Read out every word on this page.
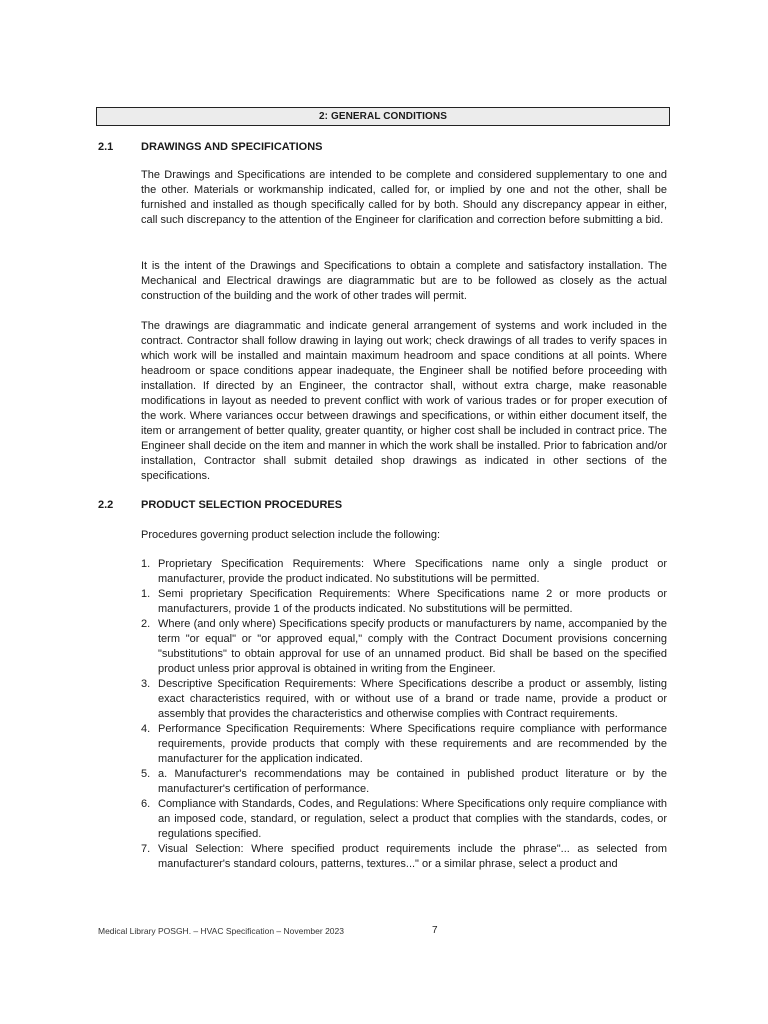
2: GENERAL CONDITIONS
2.1	DRAWINGS AND SPECIFICATIONS

The Drawings and Specifications are intended to be complete and considered supplementary to one and the other. Materials or workmanship indicated, called for, or implied by one and not the other, shall be furnished and installed as though specifically called for by both. Should any discrepancy appear in either, call such discrepancy to the attention of the Engineer for clarification and correction before submitting a bid.

It is the intent of the Drawings and Specifications to obtain a complete and satisfactory installation. The Mechanical and Electrical drawings are diagrammatic but are to be followed as closely as the actual construction of the building and the work of other trades will permit.

The drawings are diagrammatic and indicate general arrangement of systems and work included in the contract. Contractor shall follow drawing in laying out work; check drawings of all trades to verify spaces in which work will be installed and maintain maximum headroom and space conditions at all points. Where headroom or space conditions appear inadequate, the Engineer shall be notified before proceeding with installation. If directed by an Engineer, the contractor shall, without extra charge, make reasonable modifications in layout as needed to prevent conflict with work of various trades or for proper execution of the work. Where variances occur between drawings and specifications, or within either document itself, the item or arrangement of better quality, greater quantity, or higher cost shall be included in contract price. The Engineer shall decide on the item and manner in which the work shall be installed. Prior to fabrication and/or installation, Contractor shall submit detailed shop drawings as indicated in other sections of the specifications.

2.2	PRODUCT SELECTION PROCEDURES

Procedures governing product selection include the following:

1. Proprietary Specification Requirements: Where Specifications name only a single product or manufacturer, provide the product indicated. No substitutions will be permitted.
1. Semi proprietary Specification Requirements: Where Specifications name 2 or more products or manufacturers, provide 1 of the products indicated. No substitutions will be permitted.
2. Where (and only where) Specifications specify products or manufacturers by name, accompanied by the term "or equal" or "or approved equal," comply with the Contract Document provisions concerning "substitutions" to obtain approval for use of an unnamed product. Bid shall be based on the specified product unless prior approval is obtained in writing from the Engineer.
3. Descriptive Specification Requirements: Where Specifications describe a product or assembly, listing exact characteristics required, with or without use of a brand or trade name, provide a product or assembly that provides the characteristics and otherwise complies with Contract requirements.
4. Performance Specification Requirements: Where Specifications require compliance with performance requirements, provide products that comply with these requirements and are recommended by the manufacturer for the application indicated.
5. a. Manufacturer's recommendations may be contained in published product literature or by the manufacturer's certification of performance.
6. Compliance with Standards, Codes, and Regulations: Where Specifications only require compliance with an imposed code, standard, or regulation, select a product that complies with the standards, codes, or regulations specified.
7. Visual Selection: Where specified product requirements include the phrase"... as selected from manufacturer's standard colours, patterns, textures..." or a similar phrase, select a product and
Medical Library POSGH. – HVAC Specification – November 2023	7
